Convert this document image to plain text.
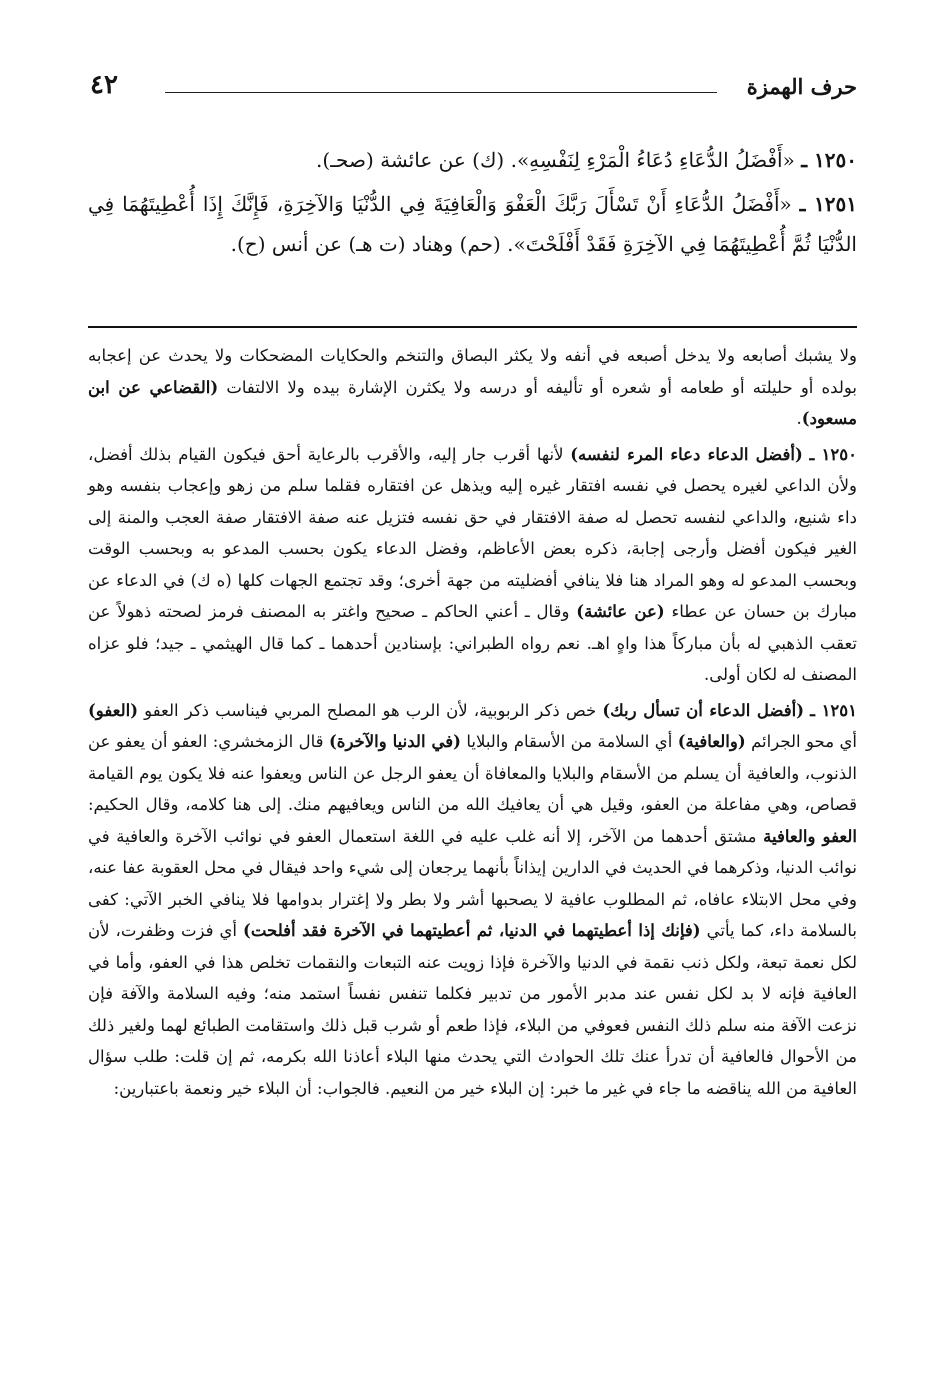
حرف الهمزة
٤٢

١٢٥٠ ـ «أَفْضَلُ الدُّعَاءِ دُعَاءُ الْمَرْءِ لِنَفْسِهِ». (ك) عن عائشة (صحـ).

١٢٥١ ـ «أَفْضَلُ الدُّعَاءِ أَنْ تَسْأَلَ رَبَّكَ الْعَفْوَ وَالْعَافِيَةَ فِي الدُّنْيَا وَالآخِرَةِ، فَإِنَّكَ إِذَا أُعْطِيتَهُمَا فِي الدُّنْيَا ثُمَّ أُعْطِيتَهُمَا فِي الآخِرَةِ فَقَدْ أَفْلَحْتَ». (حم) وهناد (ت هـ) عن أنس (ح).

ولا يشبك أصابعه ولا يدخل أصبعه في أنفه ولا يكثر البصاق والتنخم والحكايات المضحكات ولا يحدث عن إعجابه بولده أو حليلته أو طعامه أو شعره أو تأليفه أو درسه ولا يكثرن الإشارة بيده ولا الالتفات (القضاعي عن ابن مسعود).

١٢٥٠ ـ (أفضل الدعاء دعاء المرء لنفسه) لأنها أقرب جار إليه، والأقرب بالرعاية أحق فيكون القيام بذلك أفضل، ولأن الداعي لغيره يحصل في نفسه افتقار غيره إليه ويذهل عن افتقاره فقلما سلم من زهو وإعجاب بنفسه وهو داء شنيع، والداعي لنفسه تحصل له صفة الافتقار في حق نفسه فتزيل عنه صفة الافتقار صفة العجب والمنة إلى الغير فيكون أفضل وأرجى إجابة، ذكره بعض الأعاظم، وفضل الدعاء يكون بحسب المدعو به وبحسب الوقت وبحسب المدعو له وهو المراد هنا فلا ينافي أفضليته من جهة أخرى؛ وقد تجتمع الجهات كلها (ه ك) في الدعاء عن مبارك بن حسان عن عطاء (عن عائشة) وقال ـ أعني الحاكم ـ صحيح واغتر به المصنف فرمز لصحته ذهولاً عن تعقب الذهبي له بأن مباركاً هذا واهٍ اهـ. نعم رواه الطبراني: بإسنادين أحدهما ـ كما قال الهيثمي ـ جيد؛ فلو عزاه المصنف له لكان أولى.

١٢٥١ ـ (أفضل الدعاء أن تسأل ربك) خص ذكر الربوبية، لأن الرب هو المصلح المربي فيناسب ذكر العفو (العفو) أي محو الجرائم (والعافية) أي السلامة من الأسقام والبلايا (في الدنيا والآخرة) قال الزمخشري: العفو أن يعفو عن الذنوب، والعافية أن يسلم من الأسقام والبلايا والمعافاة أن يعفو الرجل عن الناس ويعفوا عنه فلا يكون يوم القيامة قصاص، وهي مفاعلة من العفو، وقيل هي أن يعافيك الله من الناس ويعافيهم منك. إلى هنا كلامه، وقال الحكيم: العفو والعافية مشتق أحدهما من الآخر، إلا أنه غلب عليه في اللغة استعمال العفو في نوائب الآخرة والعافية في نوائب الدنيا، وذكرهما في الحديث في الدارين إيذاناً بأنهما يرجعان إلى شيء واحد فيقال في محل العقوبة عفا عنه، وفي محل الابتلاء عافاه، ثم المطلوب عافية لا يصحبها أشر ولا بطر ولا إغترار بدوامها فلا ينافي الخبر الآتي: كفى بالسلامة داء، كما يأتي (فإنك إذا أعطيتهما في الدنيا، ثم أعطيتهما في الآخرة فقد أفلحت) أي فزت وظفرت، لأن لكل نعمة تبعة، ولكل ذنب نقمة في الدنيا والآخرة فإذا زويت عنه التبعات والنقمات تخلص هذا في العفو، وأما في العافية فإنه لا بد لكل نفس عند مدبر الأمور من تدبير فكلما تنفس نفساً استمد منه؛ وفيه السلامة والآفة فإن نزعت الآفة منه سلم ذلك النفس فعوفي من البلاء، فإذا طعم أو شرب قبل ذلك واستقامت الطبائع لهما ولغير ذلك من الأحوال فالعافية أن تدرأ عنك تلك الحوادث التي يحدث منها البلاء أعاذنا الله بكرمه، ثم إن قلت: طلب سؤال العافية من الله يناقضه ما جاء في غير ما خبر: إن البلاء خير من النعيم. فالجواب: أن البلاء خير ونعمة باعتبارين:
